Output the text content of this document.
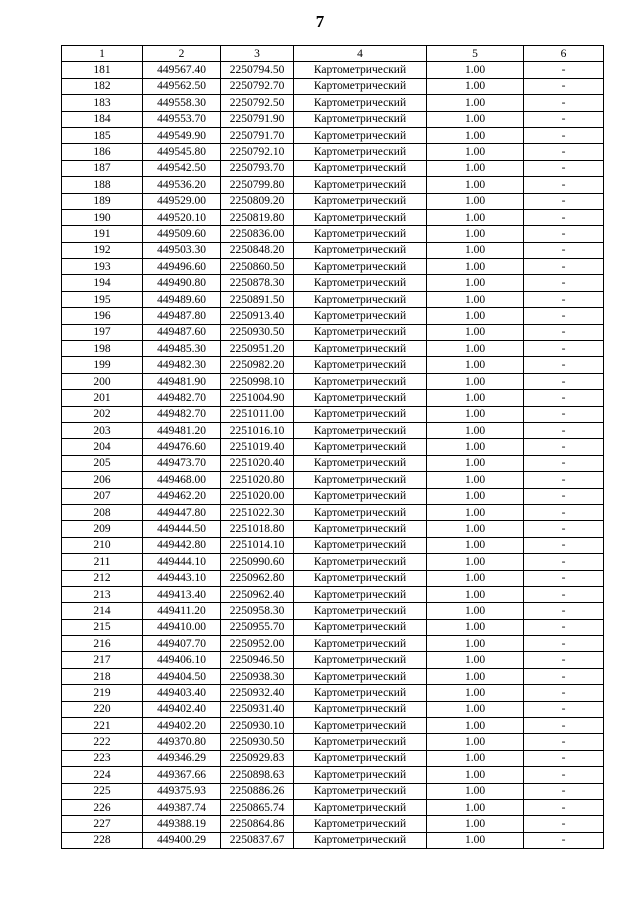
7
1	2	3	4	5	6
181	449567.40	2250794.50	Картометрический	1.00	-
182	449562.50	2250792.70	Картометрический	1.00	-
183	449558.30	2250792.50	Картометрический	1.00	-
184	449553.70	2250791.90	Картометрический	1.00	-
185	449549.90	2250791.70	Картометрический	1.00	-
186	449545.80	2250792.10	Картометрический	1.00	-
187	449542.50	2250793.70	Картометрический	1.00	-
188	449536.20	2250799.80	Картометрический	1.00	-
189	449529.00	2250809.20	Картометрический	1.00	-
190	449520.10	2250819.80	Картометрический	1.00	-
191	449509.60	2250836.00	Картометрический	1.00	-
192	449503.30	2250848.20	Картометрический	1.00	-
193	449496.60	2250860.50	Картометрический	1.00	-
194	449490.80	2250878.30	Картометрический	1.00	-
195	449489.60	2250891.50	Картометрический	1.00	-
196	449487.80	2250913.40	Картометрический	1.00	-
197	449487.60	2250930.50	Картометрический	1.00	-
198	449485.30	2250951.20	Картометрический	1.00	-
199	449482.30	2250982.20	Картометрический	1.00	-
200	449481.90	2250998.10	Картометрический	1.00	-
201	449482.70	2251004.90	Картометрический	1.00	-
202	449482.70	2251011.00	Картометрический	1.00	-
203	449481.20	2251016.10	Картометрический	1.00	-
204	449476.60	2251019.40	Картометрический	1.00	-
205	449473.70	2251020.40	Картометрический	1.00	-
206	449468.00	2251020.80	Картометрический	1.00	-
207	449462.20	2251020.00	Картометрический	1.00	-
208	449447.80	2251022.30	Картометрический	1.00	-
209	449444.50	2251018.80	Картометрический	1.00	-
210	449442.80	2251014.10	Картометрический	1.00	-
211	449444.10	2250990.60	Картометрический	1.00	-
212	449443.10	2250962.80	Картометрический	1.00	-
213	449413.40	2250962.40	Картометрический	1.00	-
214	449411.20	2250958.30	Картометрический	1.00	-
215	449410.00	2250955.70	Картометрический	1.00	-
216	449407.70	2250952.00	Картометрический	1.00	-
217	449406.10	2250946.50	Картометрический	1.00	-
218	449404.50	2250938.30	Картометрический	1.00	-
219	449403.40	2250932.40	Картометрический	1.00	-
220	449402.40	2250931.40	Картометрический	1.00	-
221	449402.20	2250930.10	Картометрический	1.00	-
222	449370.80	2250930.50	Картометрический	1.00	-
223	449346.29	2250929.83	Картометрический	1.00	-
224	449367.66	2250898.63	Картометрический	1.00	-
225	449375.93	2250886.26	Картометрический	1.00	-
226	449387.74	2250865.74	Картометрический	1.00	-
227	449388.19	2250864.86	Картометрический	1.00	-
228	449400.29	2250837.67	Картометрический	1.00	-
